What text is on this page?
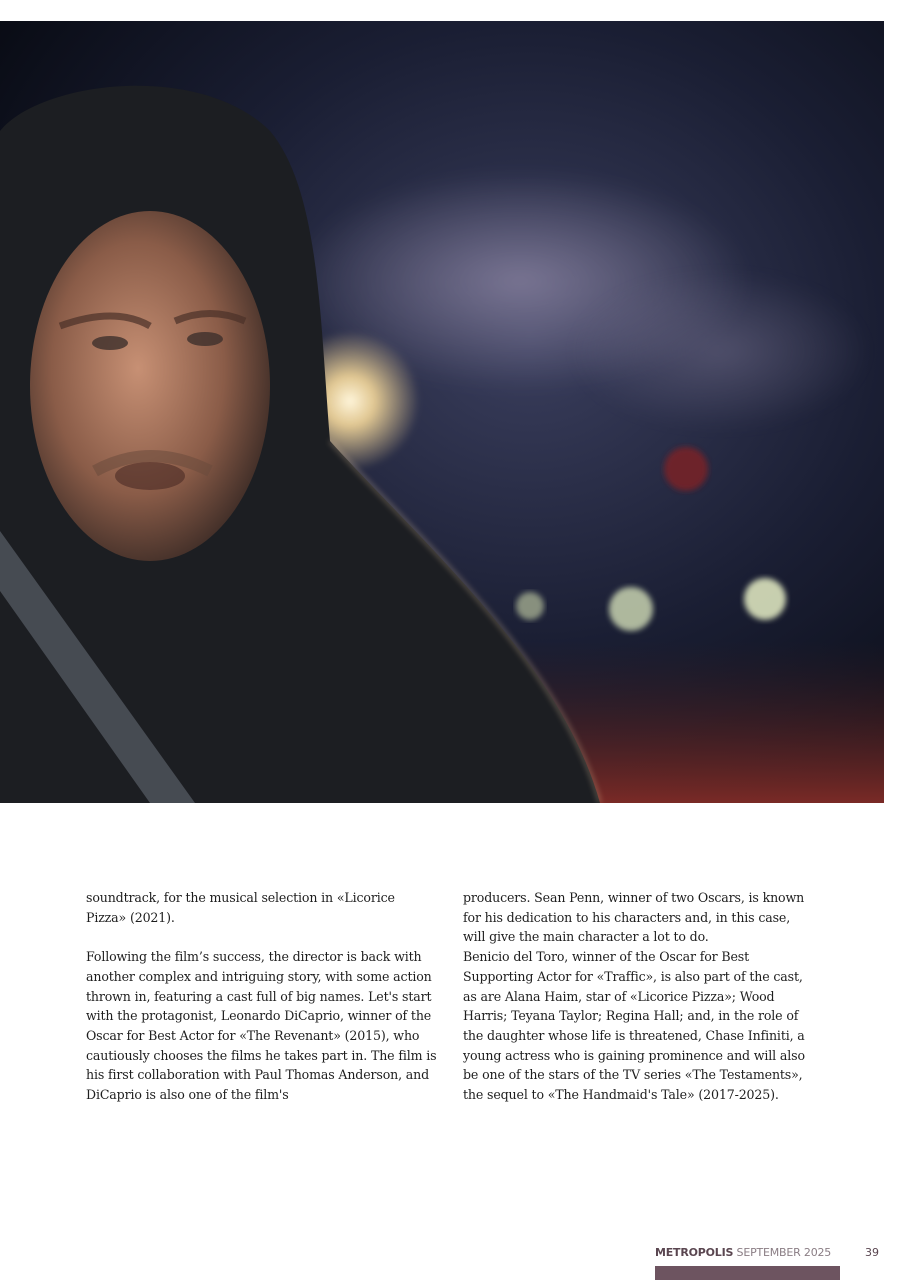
soundtrack, for the musical selection in «Licorice Pizza» (2021).

Following the film’s success, the director is back with another complex and intriguing story, with some action thrown in, featuring a cast full of big names. Let's start with the protagonist, Leonardo DiCaprio, winner of the Oscar for Best Actor for «The Revenant» (2015), who cautiously chooses the films he takes part in. The film is his first collaboration with Paul Thomas Anderson, and DiCaprio is also one of the film's

producers. Sean Penn, winner of two Oscars, is known for his dedication to his characters and, in this case, will give the main character a lot to do.

Benicio del Toro, winner of the Oscar for Best Supporting Actor for «Traffic», is also part of the cast, as are Alana Haim, star of «Licorice Pizza»; Wood Harris; Teyana Taylor; Regina Hall; and, in the role of the daughter whose life is threatened, Chase Infiniti, a young actress who is gaining prominence and will also be one of the stars of the TV series «The Testaments», the sequel to «The Handmaid's Tale» (2017-2025).

METROPOLIS SEPTEMBER 2025	39
